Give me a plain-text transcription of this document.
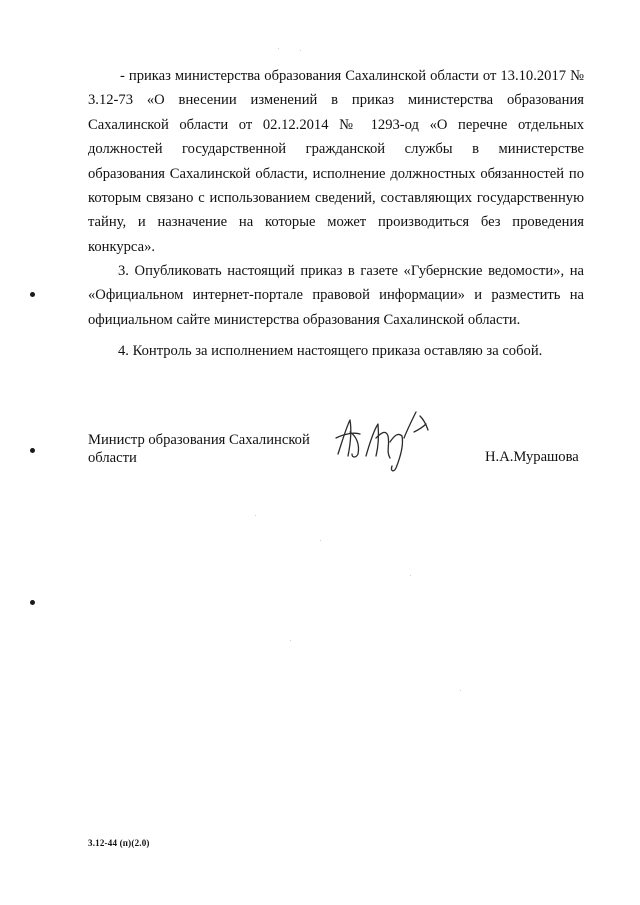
- приказ министерства образования Сахалинской области от 13.10.2017 № 3.12-73 «О внесении изменений в приказ министерства образования Сахалинской области от 02.12.2014 № 1293-од «О перечне отдельных должностей государственной гражданской службы в министерстве образования Сахалинской области, исполнение должностных обязанностей по которым связано с использованием сведений, составляющих государственную тайну, и назначение на которые может производиться без проведения конкурса».

3. Опубликовать настоящий приказ в газете «Губернские ведомости», на «Официальном интернет-портале правовой информации» и разместить на официальном сайте министерства образования Сахалинской области.

4. Контроль за исполнением настоящего приказа оставляю за собой.

Министр образования Сахалинской
области	Н.А.Мурашова
3.12-44 (п)(2.0)
